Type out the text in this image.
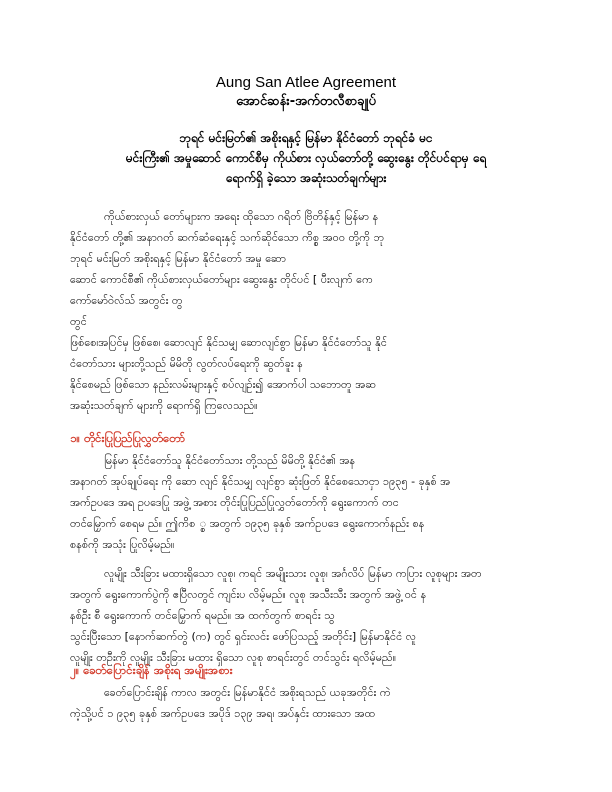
Aung San Atlee Agreement
အောင်ဆန်း-အက်တလီစာချုပ်
ဘုရင် မင်းမြတ်၏ အစိုးရနှင့် မြန်မာ နိုင်ငံတော် ဘုရင်ခံ မင
မင်းကြီး၏ အမှုဆောင် ကောင်စီမှ ကိုယ်စား လှယ်တော်တို့ ဆွေးနွေး တိုင်ပင်ရာမှ ရေ
ရောက်ရှိ ခဲ့သော အဆုံးသတ်ချက်များ
ကိုယ်စားလှယ် တော်များက အရေး ထိုသော ဂရိတ် ဗြိတိန်နှင့် မြန်မာ န
နိုင်ငံတော် တို့၏ အနာဂတ် ဆက်ဆံရေးနှင့် သက်ဆိုင်သော ကိစ္စ အဝဝ တို့ကို ဘု
ဘုရင် မင်းမြတ် အစိုးရနှင့် မြန်မာ နိုင်ငံတော် အမှု ဆော
ဆောင် ကောင်စီ၏ ကိုယ်စားလှယ်တော်များ ဆွေးနွေး တိုင်ပင် [ ပီးလျက် ကေ
ကော်မော်ဝဲလ်သ် အတွင်း တွ
တွင်
ဖြစ်စေ၊အပြင်မှ ဖြစ်စေ၊ ဆောလျင် နိုင်သမျှ ဆောလျင်စွာ မြန်မာ နိုင်ငံတော်သူ နိုင်
ငံတော်သား များတို့သည် မိမိတို လွတ်လပ်ရေးကို ဆွတ်ခူး န
နိုင်စေမည် ဖြစ်သော နည်းလမ်းများနှင့် စပ်လျဉ်း၍ အောက်ပါ သဘောတူ အဆ
အဆုံးသတ်ချက် များကို ရောက်ရှိ ကြလေသည်။
၁။ တိုင်းပြုပြည်ပြုလွှတ်တော်
မြန်မာ နိုင်ငံတော်သူ နိုင်ငံတော်သား တို့သည် မိမိတို့ နိုင်ငံ၏ အန
အနာဂတ် အုပ်ချုပ်ရေး ကို ဆော လျင် နိုင်သမျှ လျင်စွာ ဆုံးဖြတ် နိုင်စေသောငှာ ၁၉၃၅ - ခုနှစ် အ
အက်ဥပဒေ အရ ဥပဒေပြု အဖွဲ့ အစား တိုင်းပြုပြည်ပြုလွှတ်တော်ကို ရွေးကောက် တင
တင်မြှောက် စေရမ ည်။ ဤကိစ ္စ အတွက် ၁၉၃၅ ခုနှစ် အက်ဥပဒေ ရွေးကောက်နည်း စန
စနစ်ကို အသုံး ပြုလိမ့်မည်။
လူမျိုး သီးခြား မထားရှိသော လူစု၊ ကရင် အမျိုးသား လူစု၊ အင်္ဂလိပ် မြန်မာ ကပြား လူစုများ အတ
အတွက် ရွေးကောက်ပွဲကို ဧပြီလတွင် ကျင်းပ လိမ့်မည်။ လူစု အသီးသီး အတွက် အဖွဲ့ ဝင် န
နစ်ဦး စီ ရွေးကောက် တင်မြှောက် ရမည်။ အ ထက်တွက် စာရင်း သွ
သွင်းပြီးသော [နောက်ဆက်တွဲ (က) တွင် ရှင်းလင်း ဖော်ပြသည့် အတိုင်း] မြန်မာနိုင်ငံ လူ
လူမျိုး တဦးကို လူမျိုး သီးခြား မထား ရှိသော လူစု စာရင်းတွင် တင်သွင်း ရလိမ့်မည်။
၂။ ခေတ်ပြောင်းချိန် အစိုးရ အမျိုးအစား
ခေတ်ပြောင်းချိန် ကာလ အတွင်း မြန်မာနိုင်ငံ အစိုးရသည် ယခုအတိုင်း ကဲ
ကဲ့သို့ပင် ၁ ၉၃၅ ခုနှစ် အက်ဥပဒေ အပိုဒ် ၁၃၉ အရ၊ အပ်နှင်း ထားသော အထ
